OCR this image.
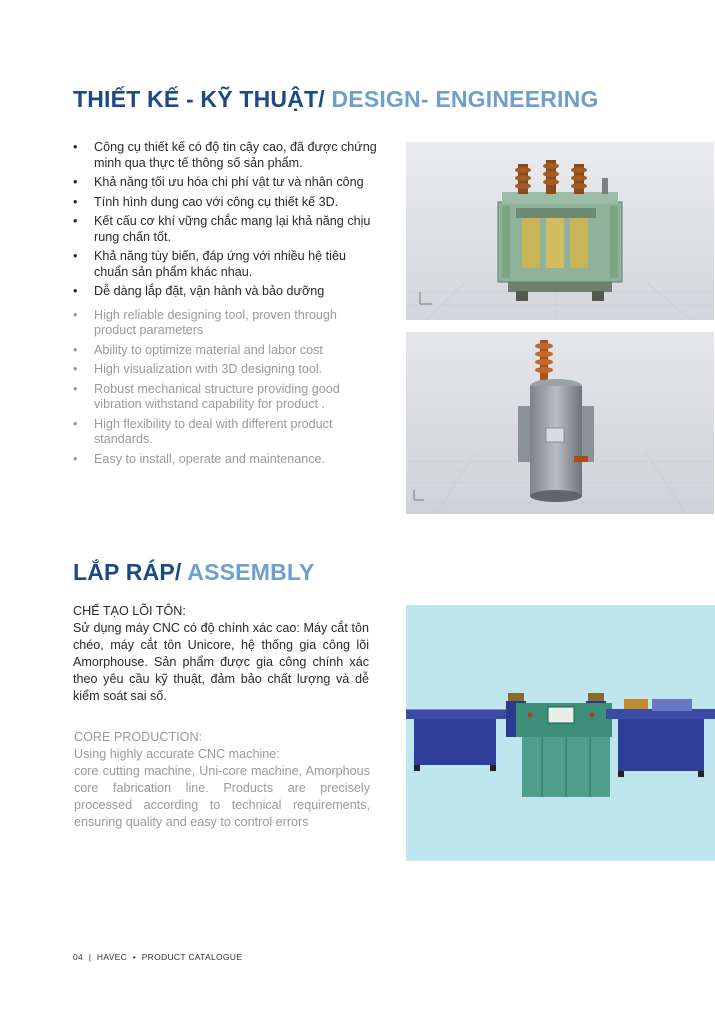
THIẾT KẾ - KỸ THUẬT/ DESIGN- ENGINEERING
• Công cụ thiết kế có độ tin cậy cao, đã được chứng minh qua thực tế thông số sản phẩm.
• Khả năng tối ưu hóa chi phí vật tư và nhân công
• Tính hình dung cao với công cụ thiết kế 3D.
• Kết cấu cơ khí vững chắc mang lại khả năng chịu rung chấn tốt.
• Khả năng tùy biến, đáp ứng với nhiều hệ tiêu chuẩn sản phẩm khác nhau.
• Dễ dàng lắp đặt, vận hành và bảo dưỡng
• High reliable designing tool, proven through product parameters
• Ability to optimize material and labor cost
• High visualization with 3D designing tool.
• Robust mechanical structure providing good vibration withstand capability for product .
• High flexibility to deal with different product standards.
• Easy to install, operate and maintenance.
LẮP RÁP/ ASSEMBLY

CHẾ TẠO LÕI TÔN:

Sử dụng máy CNC có độ chính xác cao: Máy cắt tôn chéo, máy cắt tôn Unicore, hệ thống gia công lõi Amorphouse. Sản phẩm được gia công chính xác theo yêu cầu kỹ thuật, đảm bảo chất lượng và dễ kiểm soát sai số.

CORE PRODUCTION:

Using highly accurate CNC machine:

core cutting machine, Uni-core machine, Amorphous core fabrication line. Products are precisely processed according to technical requirements, ensuring quality and easy to control errors

04 | HAVEC • PRODUCT CATALOGUE
